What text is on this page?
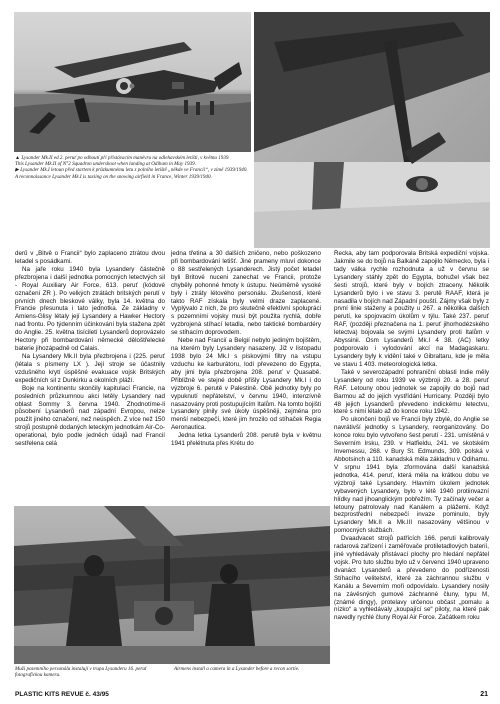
▲ Lysander Mk.II ed 2. peruť po odhoutí při přistávacím manévru na odlehavském letišti, v květnu 1939.

This Lysander Mk.II of N°2 Squadron undershoot when landing at Odiham in May 1939.

▶ Lysander Mk.I letoun před startem k průzkumnému letu z polního letiště „někde ve Francii“, v zimě 1939/1940.

A reconnaissance Lysander Mk.I is taxiing on the snowing airfield in France, Winter 1939/1940.

derů v „Bitvě o Francii“ bylo zaplaceno ztrátou dvou letadel s posádkami.

Na jaře roku 1940 byla Lysandery částečně přezbrojena i další jednotka pomocných letectvých sil - Royal Auxiliary Air Force, 613. peruť (kódové označení ZR ). Po velkých ztrátách britských perutí v prvních dnech bleskové války, byla 14. května do Francie přesunuta i tato jednotka. Ze základny v Amiens-Glisy létaly její Lysandery a Hawker Hectory nad frontu. Po týdenním účinkování byla stažena zpět do Anglie. 25. května tisíciletí Lysanderů doprovázelo Hectory při bombardování německé děloštřelecké baterie jihozápadně od Calais.

Na Lysandery Mk.II byla přezbrojena i (225. peruť (létala s písmeny LX ). Její stroje se účastnily vzdušného krytí úspěšné evakuace vojsk Britských expedičních sil z Dunkirku a okolních pláží.

Boje na kontinentu skončily kapitulací Francie, na posledních průzkumnou akci letěly Lysandery nad oblast Sommy 3. června 1940. Zhodnotíme-li působení Lysanderů nad západní Evropou, nelze použít jiného označení, než neúspěch. Z více než 150 strojů postupně dodaných leteckým jednotkám Air-Co-operational, bylo podle jedněch údajů nad Francií sestřelena celá

jedna třetina a 30 dalších zničeno, nebo poškozeno při bombardování letišť. Jiné prameny mluví dokonce o 88 sestřelených Lysanderech. Jistý počet letadel byli Britové nuceni zanechat ve Francii, protože chyběly pohonné hmoty k ústupu. Neúměrně vysoké byly i ztráty létového personálu. Zkušenosti, které takto RAF získala byly velmi draze zaplacené. Vyplývalo z nich, že pro skutečně efektivní spolupráci s pozemními vojsky musí být použita rychlá, dobře vyzbrojená stíhací letadla, nebo taktické bombardéry se stíhacím doprovodem.

Nebe nad Francií a Belgií nebylo jediným bojištěm, na kterém byly Lysandery nasazeny. Již v listopadu 1938 bylo 24 Mk.I s pískovými filtry na vstupu vzduchu ke karburátoru, lodí převezeno do Egypta, aby jimi byla přezbrojena 208. peruť v Quasabě. Přibližně ve stejné době přišly Lysandery Mk.I i do výzbroje 6. perutě v Palestině. Obě jednotky byly po vypuknutí nepřátelství, v červnu 1940, intenzívně nasazovány proti postupujícím Italům. Na tomto bojišti Lysandery plnily své úkoly úspěšněji, zejména pro menší nebezpečí, které jim hrozilo od stíhaček Regia Aeronautica.

Jedna letka Lysanderů 208. perutě byla v květnu 1941 přelétnuta přes Krétu do

Řecka, aby tam podporovala Britská expediční vojska. Jakmile se do bojů na Balkáně zapojilo Německo, byla i tady válka rychle rozhodnuta a už v červnu se Lysandery stáhly zpět do Egypta, bohužel však bez šesti strojů, které byly v bojích ztraceny. Několik Lysanderů bylo i ve stavu 3. perutě RAAF, která je nasadila v bojích nad Západní pouští. Zájmy však byly z první linie staženy a použity u 267. a několika dalších perutí, ke spojovacím úkolům v týlu. Také 237. peruť RAF, (později přeznačena na 1. peruť jihorhodézského letectva) bojovala se svými Lysandery proti Italům v Abyssinii. Osm Lysanderů Mk.I 4 38. (AC) letky podporovalo i vylodování akcí na Madagaskaru. Lysandery byly k vidění také v Gibraltaru, kde je měla ve stavu 1 403. meteorologická letka.

Také v severozápadní pohraniční oblasti Indie měly Lysandery od roku 1939 ve výzbroji 20. a 28. peruť RAF. Letouny obou jednotek se zapojily do bojů nad Barmou až do jejich vystřídání Hurricany. Později bylo 48 jejich Lysanderů převedeno indickému letectvu, které s nimi létalo až do konce roku 1942.

Po ukončení bojů ve Francii byly zbylé, do Anglie se navrátivší jednotky s Lysandery, reorganizovány. Do konce roku bylo vytvořeno šest perutí - 231. umístěná v Severním Irsku, 239. v Hatfieldu, 241. ve skotském Invernessu, 268. v Bury St. Edmunds, 309. polská v Abbotsinch a 110. kanadská měla základnu v Odihamu. V srpnu 1941 byla zformována další kanadská jednotka, 414. peruť, která měla na krátkou dobu ve výzbroji také Lysandery. Hlavním úkolem jednotek vybavených Lysandery, bylo v létě 1940 protiinvazní hlídky nad jihoanglickým pobřežím. Ty začínaly večer a letouny patrolovaly nad Kanálem a plážemi. Když bezprostřední nebezpečí invaze pominulo, byly Lysandery Mk.II a Mk.III nasazovány většinou v pomocných službách.

Dvaadvacet strojů patřících 166. peruti kalibrovaly radarová zařízení i zaměřovače protiletadlových baterií, jiné vyhledávaly přistávací plochy pro hledání nepřátel vojsk. Pro tuto službu bylo už v červenci 1940 upraveno dvanáct Lysanderů a převedeno do podřízenosti Stíhacího velitelství, které za záchrannou službu v Kanálu a Severním moři odpovídalo. Lysandery nosily na závěsných gumové záchranné čluny, typu M, (známé dingy), protelavy určenou občast „pomalu a nízko“ a vyhledávaly „koupající se“ piloty, na které pak navedly rychlé čluny Royal Air Force. Začátkem roku

Muži pozemního personálu instalují v trupu Lysanderu 16. peruť fotografickou kameru.

Airmens install a camera in a Lysander before a recon sortie.

PLASTIC KITS REVUE č. 43/95	21
